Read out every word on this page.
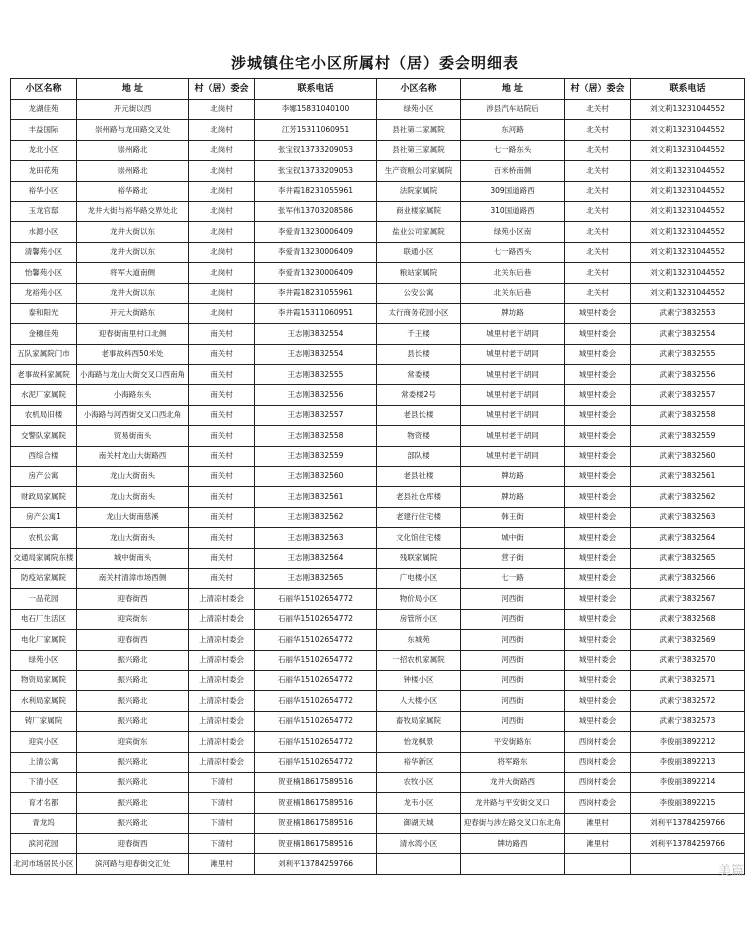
涉城镇住宅小区所属村（居）委会明细表
小区名称	地 址	村（居）委会	联系电话	小区名称	地 址	村（居）委会	联系电话
龙湖佳苑	开元街以西	北岗村	李娜15831040100	绿苑小区	涉县汽车站院后	北关村	刘文莉13231044552
丰益国际	崇州路与龙田路交叉处	北岗村	江芳15311060951	县社第二家属院	东河路	北关村	刘文莉13231044552
龙北小区	崇州路北	北岗村	张宝钗13733209053	县社第三家属院	七一路东头	北关村	刘文莉13231044552
龙田花苑	崇州路北	北岗村	张宝钗13733209053	生产资粮公司家属院	百米桥南侧	北关村	刘文莉13231044552
裕华小区	裕华路北	北岗村	李井霞18231055961	法院家属院	309国道路西	北关村	刘文莉13231044552
玉龙官邸	龙井大街与裕华路交界处北	北岗村	张军伟13703208586	商业楼家属院	310国道路西	北关村	刘文莉13231044552
水源小区	龙井大街以东	北岗村	李爱青13230006409	盐业公司家属院	绿苑小区南	北关村	刘文莉13231044552
清馨苑小区	龙井大街以东	北岗村	李爱青13230006409	联通小区	七一路西头	北关村	刘文莉13231044552
怡馨苑小区	将军大道南侧	北岗村	李爱青13230006409	粮站家属院	北关东后巷	北关村	刘文莉13231044552
龙裕苑小区	龙井大街以东	北岗村	李井霞18231055961	公安公寓	北关东后巷	北关村	刘文莉13231044552
泰和阳光	开元大街路东	北岗村	李井霞15311060951	太行商务花园小区	牌坊路	城里村委会	武素宁3832553
金穗佳苑	迎春街南里村口北侧	南关村	王志刚3832554	千王楼	城里村老干胡同	城里村委会	武素宁3832554
五队家属院门市	老事故科西50米处	南关村	王志刚3832554	县长楼	城里村老干胡同	城里村委会	武素宁3832555
老事故科家属院	小海路与龙山大街交叉口西南角	南关村	王志刚3832555	常委楼	城里村老干胡同	城里村委会	武素宁3832556
水泥厂家属院	小海路东头	南关村	王志刚3832556	常委楼2号	城里村老干胡同	城里村委会	武素宁3832557
农机局旧楼	小海路与河西街交叉口西北角	南关村	王志刚3832557	老县长楼	城里村老干胡同	城里村委会	武素宁3832558
交警队家属院	贸易街南头	南关村	王志刚3832558	物资楼	城里村老干胡同	城里村委会	武素宁3832559
西综合楼	南关村龙山大街路西	南关村	王志刚3832559	部队楼	城里村老干胡同	城里村委会	武素宁3832560
房产公寓	龙山大街南头	南关村	王志刚3832560	老县社楼	牌坊路	城里村委会	武素宁3832561
财政局家属院	龙山大街南头	南关村	王志刚3832561	老县社仓库楼	牌坊路	城里村委会	武素宁3832562
房产公寓1	龙山大街南慈溪	南关村	王志刚3832562	老建行住宅楼	韩王街	城里村委会	武素宁3832563
农机公寓	龙山大街南头	南关村	王志刚3832563	文化馆住宅楼	城中街	城里村委会	武素宁3832564
交通局家属院东楼	城中街南头	南关村	王志刚3832564	残联家属院	营子街	城里村委会	武素宁3832565
防疫站家属院	南关村清漳市场西侧	南关村	王志刚3832565	广电楼小区	七一路	城里村委会	武素宁3832566
一品花园	迎春街西	上清凉村委会	石丽华15102654772	物价局小区	河西街	城里村委会	武素宁3832567
电石厂生活区	迎宾街东	上清凉村委会	石丽华15102654772	房管所小区	河西街	城里村委会	武素宁3832568
电化厂家属院	迎春街西	上清凉村委会	石丽华15102654772	东城苑	河西街	城里村委会	武素宁3832569
绿苑小区	振兴路北	上清凉村委会	石丽华15102654772	一招农机家属院	河西街	城里村委会	武素宁3832570
物资局家属院	振兴路北	上清凉村委会	石丽华15102654772	钟楼小区	河西街	城里村委会	武素宁3832571
水利局家属院	振兴路北	上清凉村委会	石丽华15102654772	人大楼小区	河西街	城里村委会	武素宁3832572
铸厂家属院	振兴路北	上清凉村委会	石丽华15102654772	畜牧局家属院	河西街	城里村委会	武素宁3832573
迎宾小区	迎宾街东	上清凉村委会	石丽华15102654772	怡龙枫景	平安街路东	西岗村委会	李俊丽3892212
上清公寓	振兴路北	上清凉村委会	石丽华15102654772	裕华新区	将军路东	西岗村委会	李俊丽3892213
下清小区	振兴路北	下清村	贺亚楠18617589516	农牧小区	龙井大街路西	西岗村委会	李俊丽3892214
育才名都	振兴路北	下清村	贺亚楠18617589516	龙韦小区	龙井路与平安街交叉口	西岗村委会	李俊丽3892215
青龙坞	振兴路北	下清村	贺亚楠18617589516	御湖天城	迎春街与涉左路交叉口东北角	滩里村	刘利平13784259766
滨河花园	迎春街西	下清村	贺亚楠18617589516	清水湾小区	牌坊路西	滩里村	刘利平13784259766
北河市场居民小区	滨河路与迎春街交汇处	滩里村	刘利平13784259766				
美篇
